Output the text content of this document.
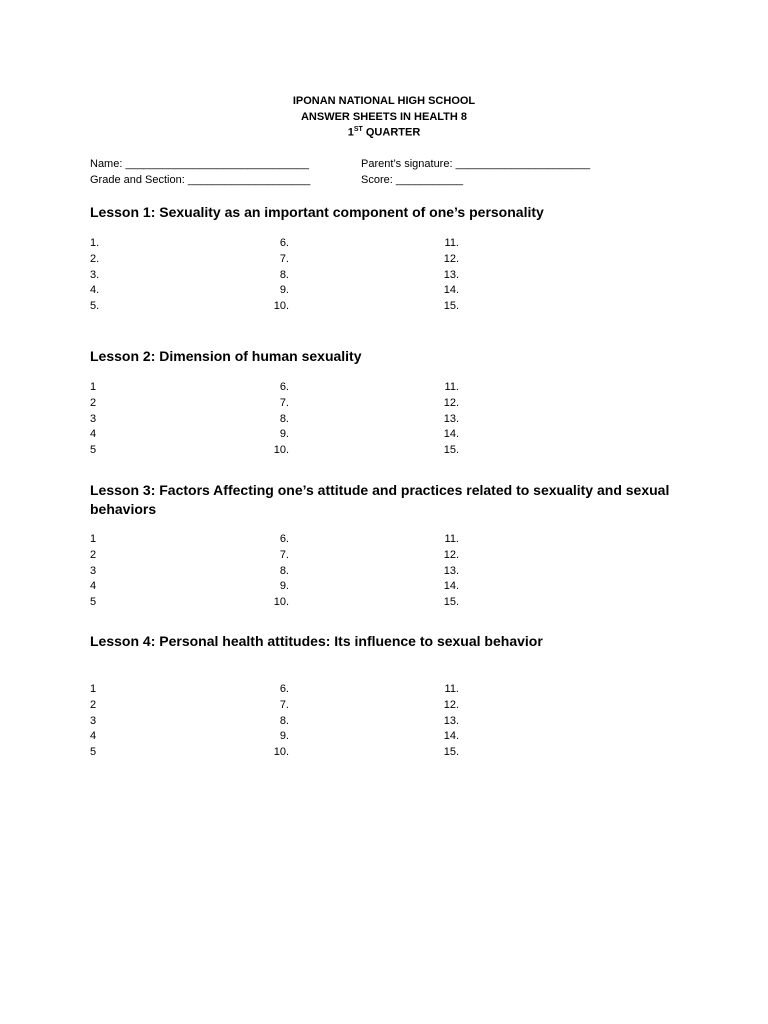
IPONAN NATIONAL HIGH SCHOOL
ANSWER SHEETS IN HEALTH 8
1ST QUARTER
Name: ______________________________	Parent’s signature: ______________________
Grade and Section: ____________________	Score: ___________
Lesson 1: Sexuality as an important component of one’s personality
Lesson 2: Dimension of human sexuality
Lesson 3: Factors Affecting one’s attitude and practices related to sexuality and sexual behaviors
Lesson 4: Personal health attitudes: Its influence to sexual behavior
1.
2.
3.
4.
5.
6.
7.
8.
9.
10.
11.
12.
13.
14.
15.
1
2
3
4
5
6.
7.
8.
9.
10.
11.
12.
13.
14.
15.
1
2
3
4
5
6.
7.
8.
9.
10.
11.
12.
13.
14.
15.
1
2
3
4
5
6.
7.
8.
9.
10.
11.
12.
13.
14.
15.
